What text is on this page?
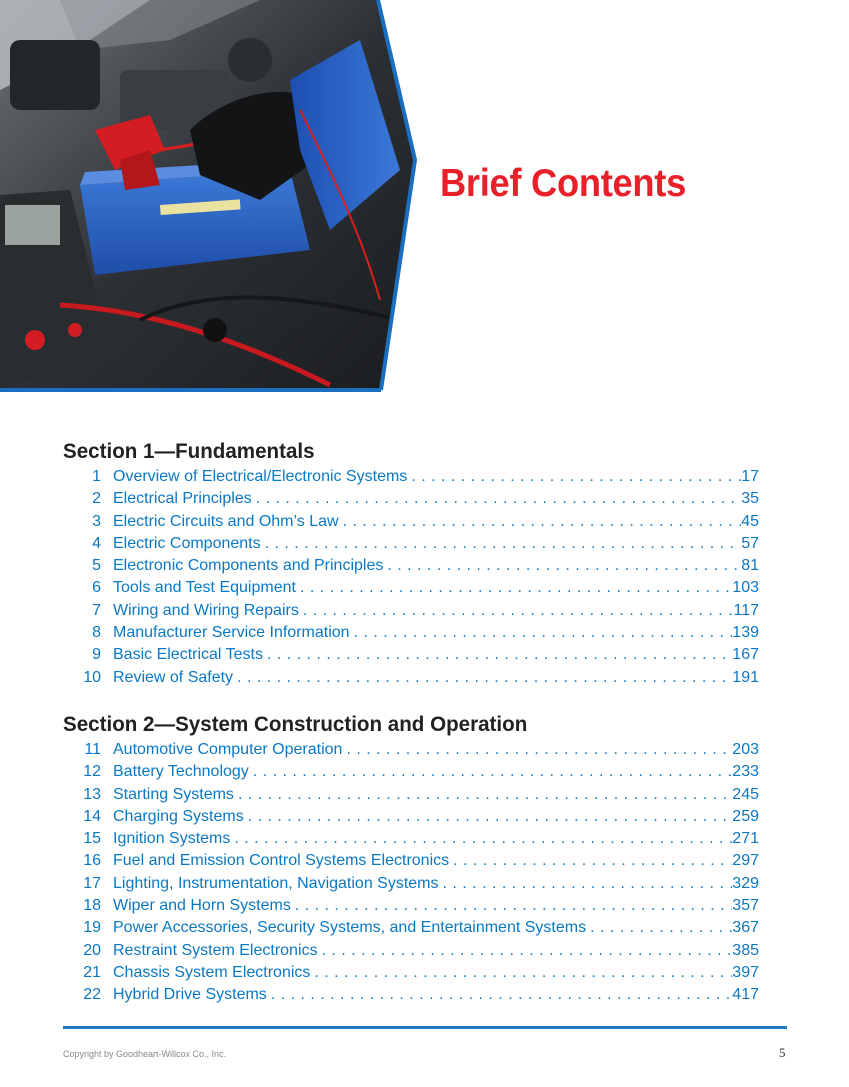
Brief Contents
Section 1—Fundamentals
1 Overview of Electrical/Electronic Systems . . .	17
2 Electrical Principles . . .	35
3 Electric Circuits and Ohm’s Law . . .	45
4 Electric Components . . .	57
5 Electronic Components and Principles . . .	81
6 Tools and Test Equipment . . .	103
7 Wiring and Wiring Repairs . . .	117
8 Manufacturer Service Information . . .	139
9 Basic Electrical Tests . . .	167
10 Review of Safety . . .	191
Section 2—System Construction and Operation
11 Automotive Computer Operation . . .	203
12 Battery Technology . . .	233
13 Starting Systems . . .	245
14 Charging Systems . . .	259
15 Ignition Systems . . .	271
16 Fuel and Emission Control Systems Electronics . . .	297
17 Lighting, Instrumentation, Navigation Systems . . .	329
18 Wiper and Horn Systems . . .	357
19 Power Accessories, Security Systems, and Entertainment Systems . . .	367
20 Restraint System Electronics . . .	385
21 Chassis System Electronics . . .	397
22 Hybrid Drive Systems . . .	417
Copyright by Goodheart-Willcox Co., Inc.	5
